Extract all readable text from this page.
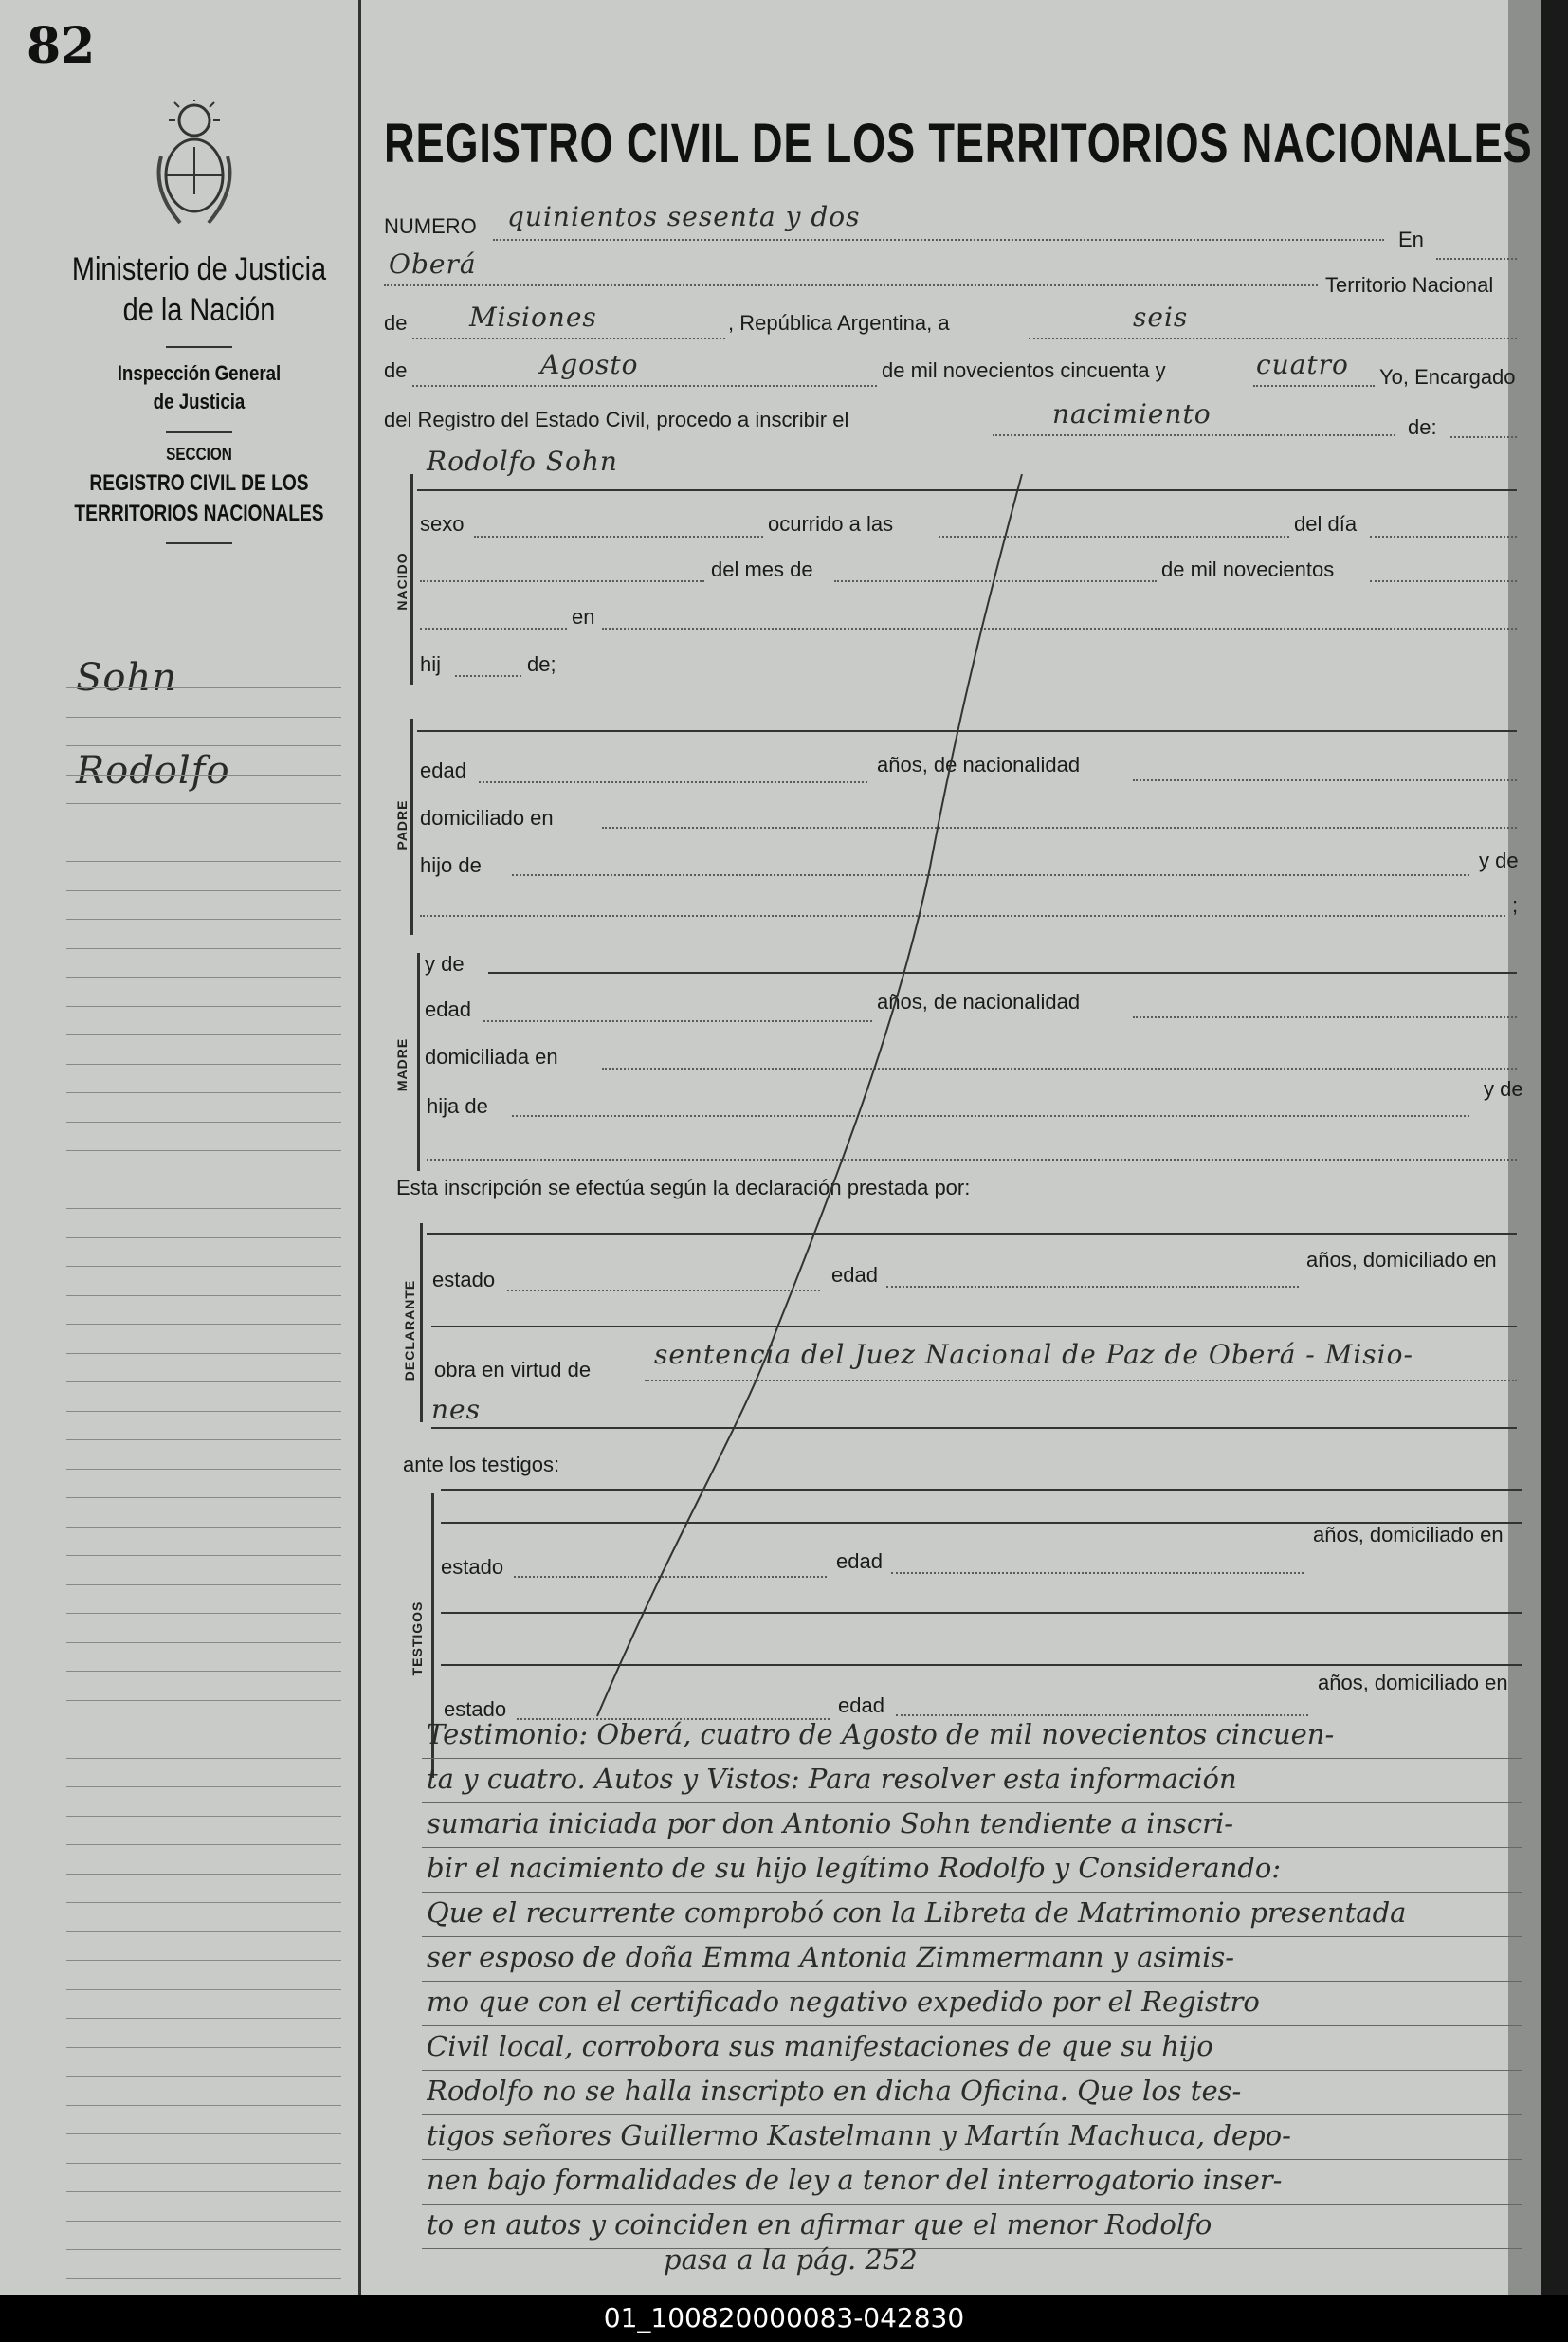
82
Ministerio de Justicia
de la Nación
Inspección General
de Justicia
SECCION
REGISTRO CIVIL DE LOS
TERRITORIOS NACIONALES
Sohn
Rodolfo
REGISTRO CIVIL DE LOS TERRITORIOS NACIONALES
NUMERO quinientos sesenta y dos
En
Oberá
Territorio Nacional
de Misiones	, República Argentina, a	seis
de	Agosto	de mil novecientos cincuenta y	cuatro Yo, Encargado
del Registro del Estado Civil, procedo a inscribir el	nacimiento	de:
Rodolfo Sohn
NACIDO
sexo	ocurrido a las	del día
del mes de	de mil novecientos
en
hij	de;
PADRE
edad	años, de nacionalidad
domiciliado en
hijo de	y de
;
MADRE
y de
edad	años, de nacionalidad
domiciliada en
hija de
y de
Esta inscripción se efectúa según la declaración prestada por:
DECLARANTE
estado	edad
años, domiciliado en
obra en virtud de sentencia del Juez Nacional de Paz de Oberá - Misio-
nes
ante los testigos:
TESTIGOS
estado	edad
años, domiciliado en
estado	edad
años, domiciliado en
Testimonio: Oberá, cuatro de Agosto de mil novecientos cincuen-
ta y cuatro. Autos y Vistos: Para resolver esta información
sumaria iniciada por don Antonio Sohn tendiente a inscri-
bir el nacimiento de su hijo legítimo Rodolfo y Considerando:
Que el recurrente comprobó con la Libreta de Matrimonio presentada
ser esposo de doña Emma Antonia Zimmermann y asimis-
mo que con el certificado negativo expedido por el Registro
Civil local, corrobora sus manifestaciones de que su hijo
Rodolfo no se halla inscripto en dicha Oficina. Que los tes-
tigos señores Guillermo Kastelmann y Martín Machuca, depo-
nen bajo formalidades de ley a tenor del interrogatorio inser-
to en autos y coinciden en afirmar que el menor Rodolfo
pasa a la pág. 252
01_100820000083-042830
